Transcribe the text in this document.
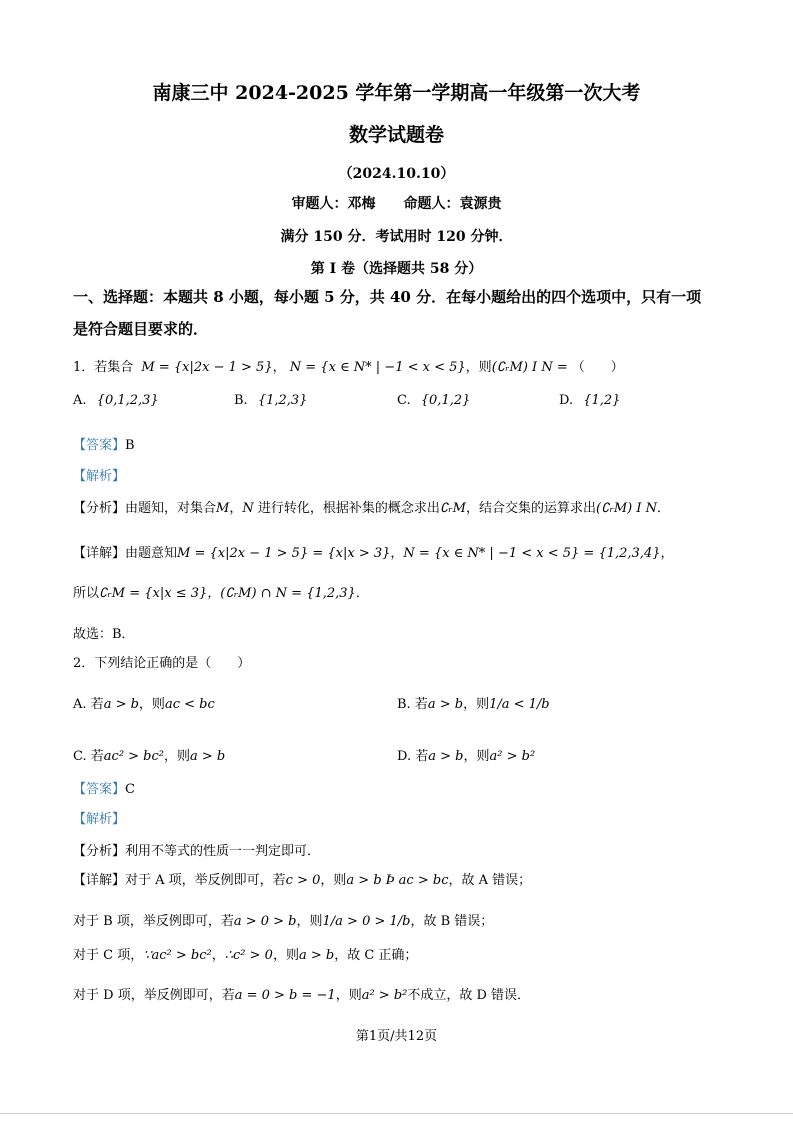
南康三中 2024-2025 学年第一学期高一年级第一次大考
数学试题卷
（2024.10.10）
审题人：邓梅　　命题人：袁源贵
满分 150 分．考试用时 120 分钟．
第 I 卷（选择题共 58 分）
一、选择题：本题共 8 小题，每小题 5 分，共 40 分．在每小题给出的四个选项中，只有一项
是符合题目要求的．
1．若集合 M = {x|2x − 1 > 5}， N = {x ∈ N* | −1 < x < 5}，则(∁ᵣM) I N = （　　）
A. {0,1,2,3}	B. {1,2,3}	C. {0,1,2}	D. {1,2}
【答案】B
【解析】
【分析】由题知，对集合M，N 进行转化，根据补集的概念求出∁ᵣM，结合交集的运算求出(∁ᵣM) I N．
【详解】由题意知M = {x|2x − 1 > 5} = {x|x > 3}，N = {x ∈ N* | −1 < x < 5} = {1,2,3,4}，
所以∁ᵣM = {x|x ≤ 3}，(∁ᵣM) ∩ N = {1,2,3}．
故选：B．
2．下列结论正确的是（　　）
A. 若a > b，则ac < bc	B. 若a > b，则1/a < 1/b
C. 若ac² > bc²，则a > b	D. 若a > b，则a² > b²
【答案】C
【解析】
【分析】利用不等式的性质一一判定即可．
【详解】对于 A 项，举反例即可，若c > 0，则a > b Þ ac > bc，故 A 错误；
对于 B 项，举反例即可，若a > 0 > b，则1/a > 0 > 1/b，故 B 错误；
对于 C 项，∵ac² > bc²，∴c² > 0，则a > b，故 C 正确；
对于 D 项，举反例即可，若a = 0 > b = −1，则a² > b²不成立，故 D 错误．
第1页/共12页
